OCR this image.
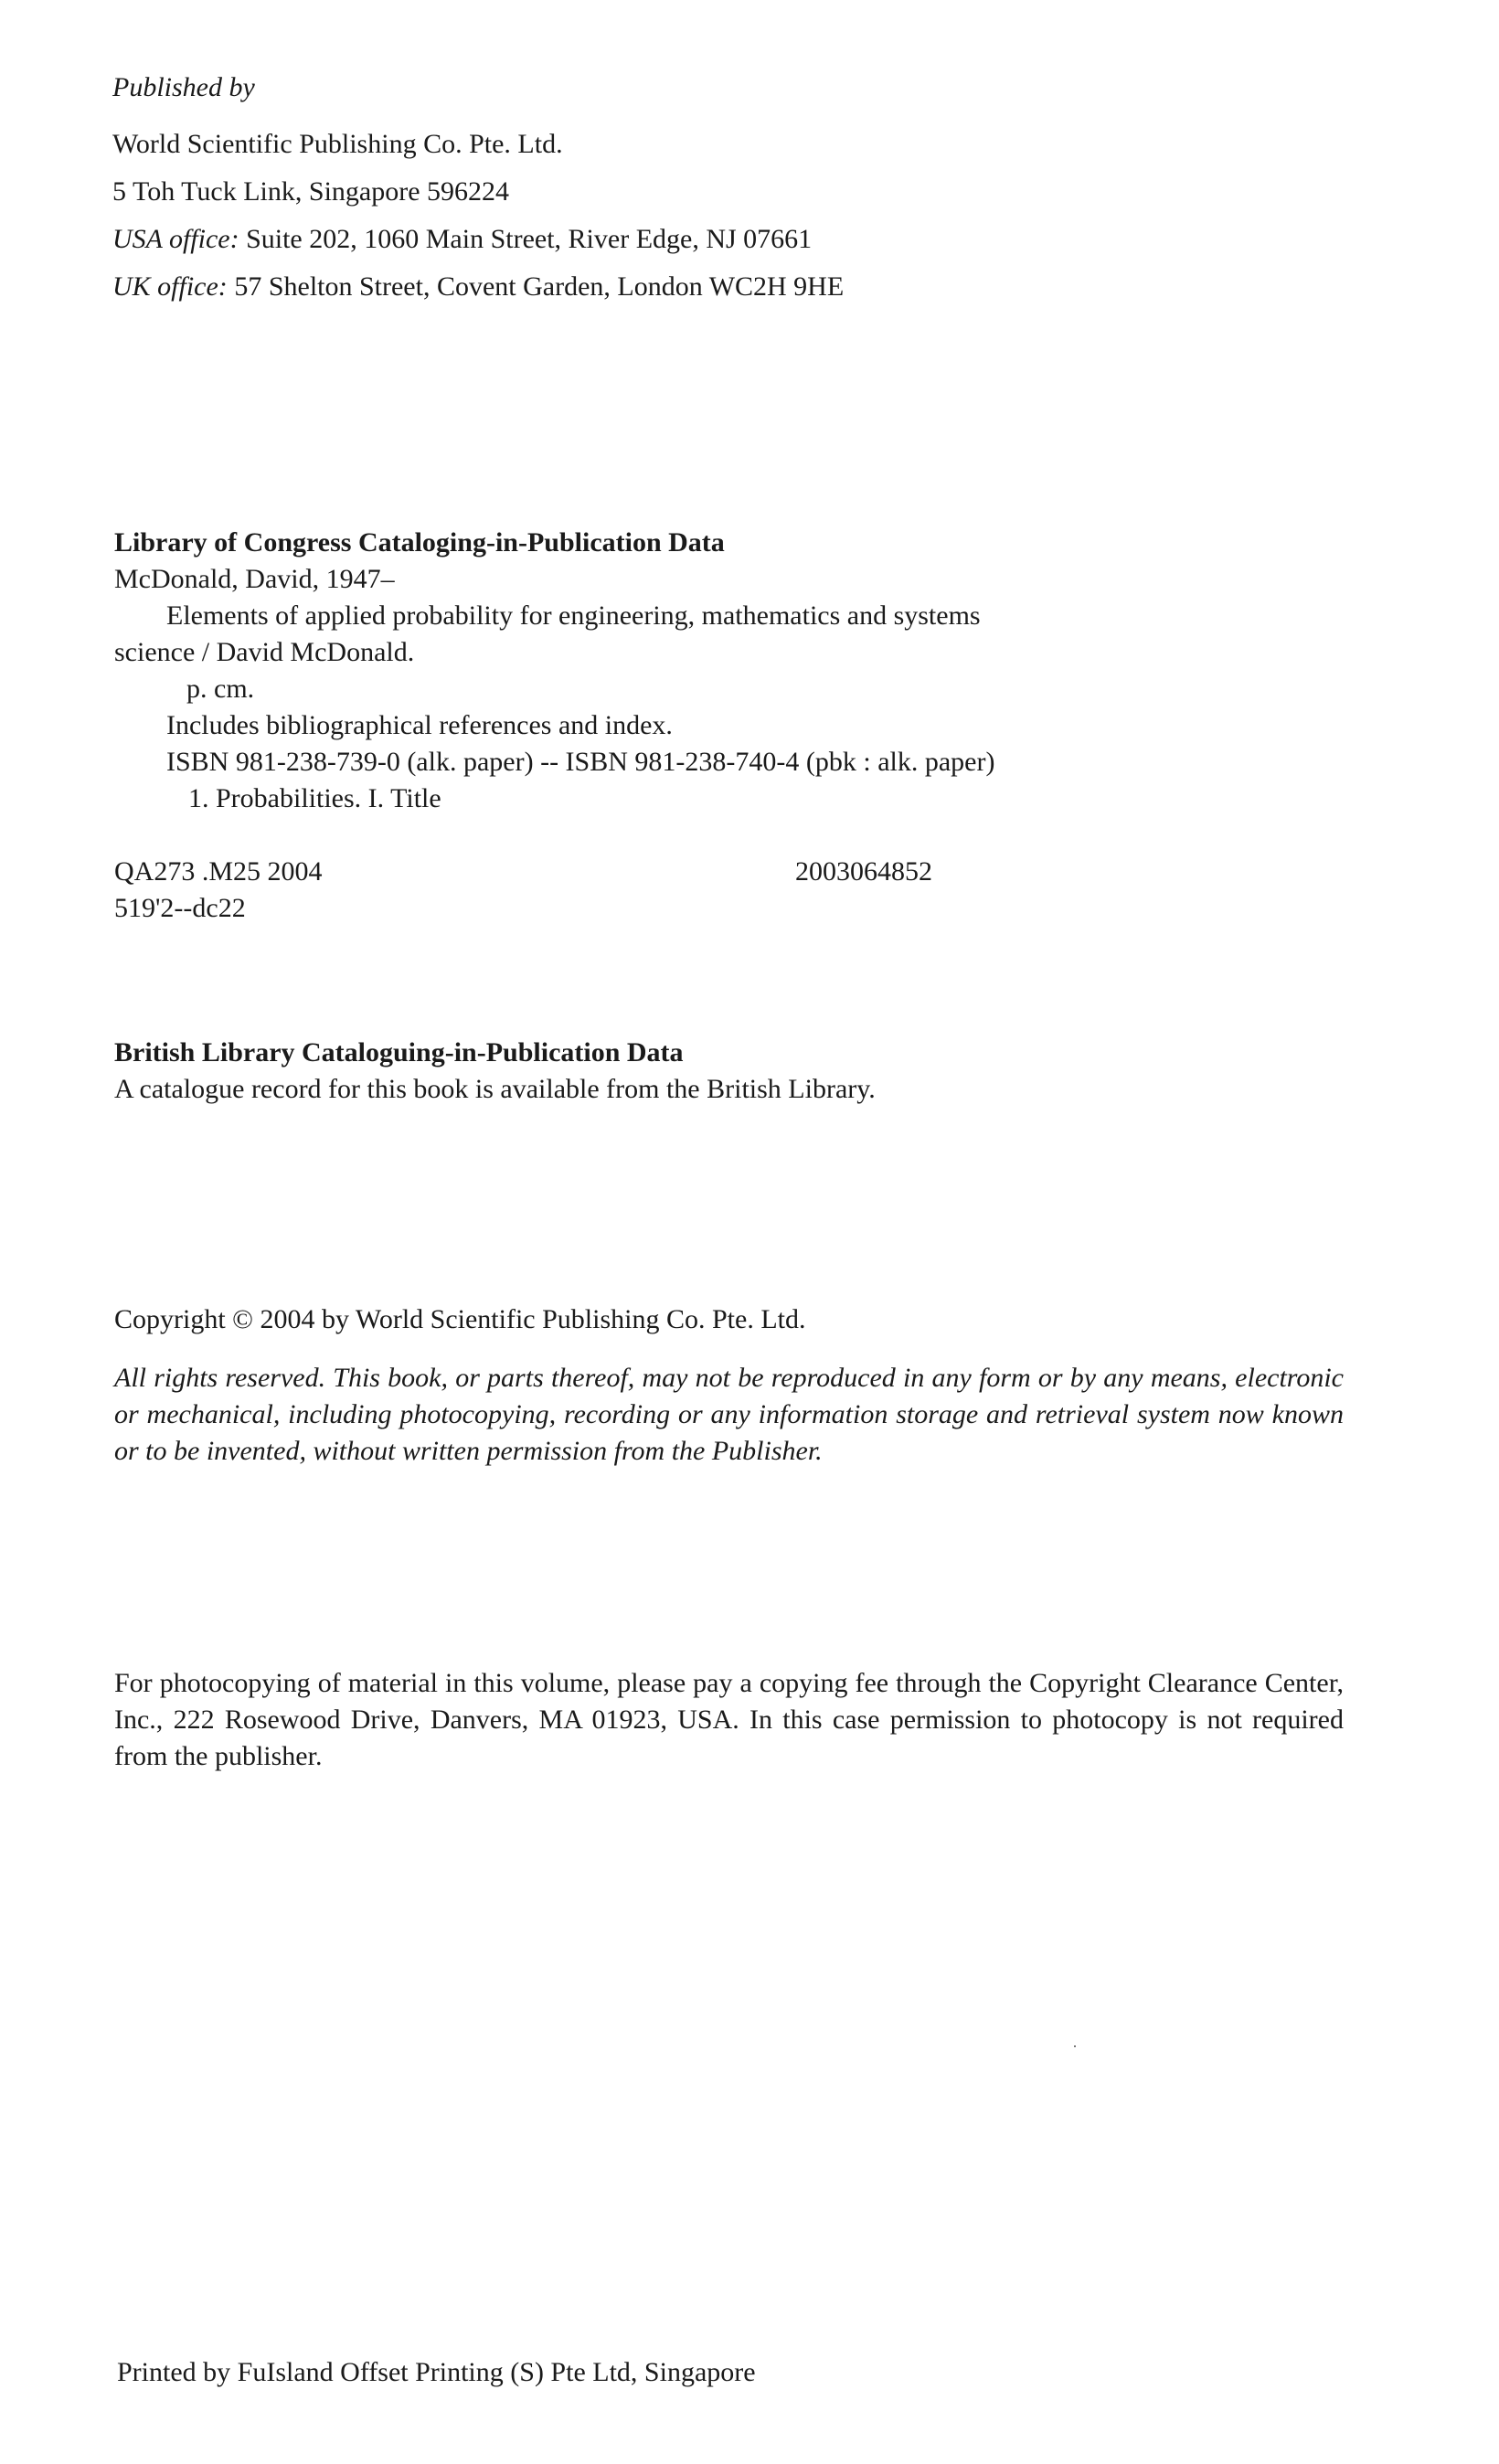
Published by
World Scientific Publishing Co. Pte. Ltd.
5 Toh Tuck Link, Singapore 596224
USA office: Suite 202, 1060 Main Street, River Edge, NJ 07661
UK office: 57 Shelton Street, Covent Garden, London WC2H 9HE
Library of Congress Cataloging-in-Publication Data
McDonald, David, 1947–
Elements of applied probability for engineering, mathematics and systems
science / David McDonald.
p. cm.
Includes bibliographical references and index.
ISBN 981-238-739-0 (alk. paper) -- ISBN 981-238-740-4 (pbk : alk. paper)
1. Probabilities. I. Title
QA273 .M25 2004	2003064852
519'2--dc22
British Library Cataloguing-in-Publication Data
A catalogue record for this book is available from the British Library.
Copyright © 2004 by World Scientific Publishing Co. Pte. Ltd.
All rights reserved. This book, or parts thereof, may not be reproduced in any form or by any means, electronic or mechanical, including photocopying, recording or any information storage and retrieval system now known or to be invented, without written permission from the Publisher.
For photocopying of material in this volume, please pay a copying fee through the Copyright Clearance Center, Inc., 222 Rosewood Drive, Danvers, MA 01923, USA. In this case permission to photocopy is not required from the publisher.
Printed by FuIsland Offset Printing (S) Pte Ltd, Singapore
